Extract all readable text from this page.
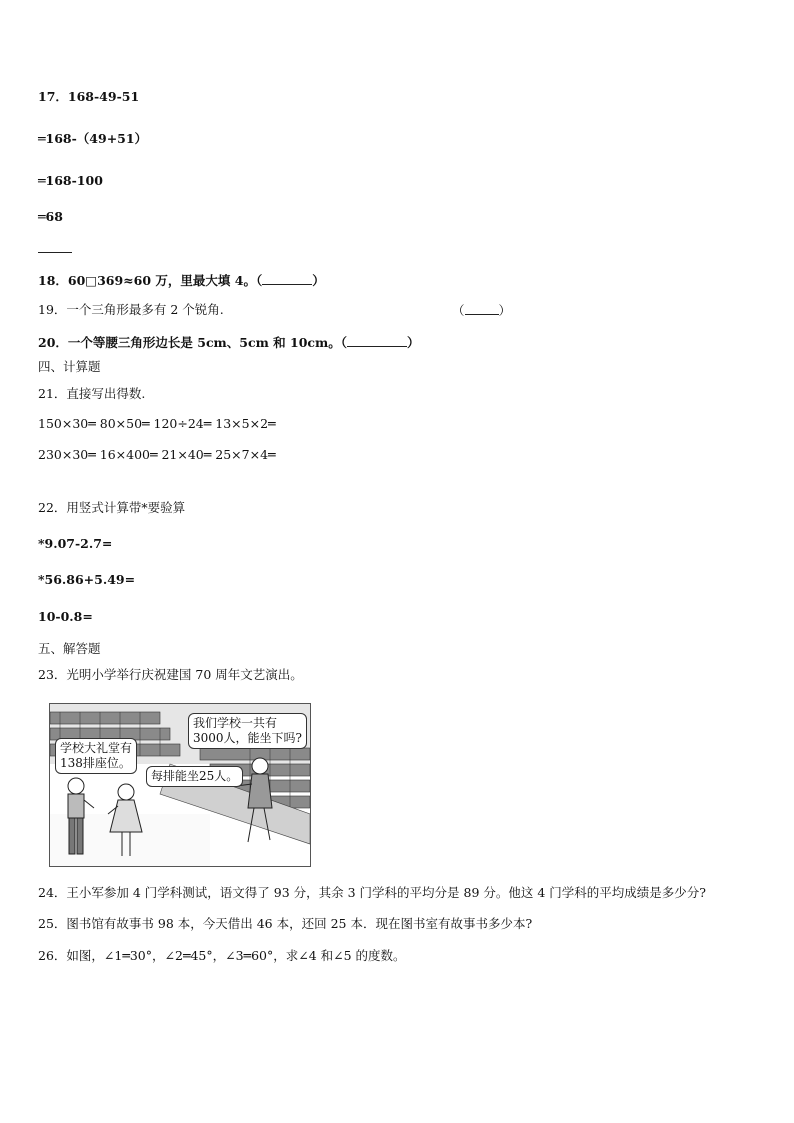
17．168-49-51
═168-（49+51）
═168-100
═68
18．60□369≈60 万，里最大填 4。（	）
19．一个三角形最多有 2 个锐角.	（	）
20．一个等腰三角形边长是 5cm、5cm 和 10cm。（	）
四、计算题
21．直接写出得数.
150×30═ 80×50═ 120÷24═ 13×5×2═
230×30═ 16×400═ 21×40═ 25×7×4═
22．用竖式计算带*要验算
*9.07-2.7=
*56.86+5.49=
10-0.8=
五、解答题
23．光明小学举行庆祝建国 70 周年文艺演出。
学校大礼堂有
138排座位。
每排能坐25人。
我们学校一共有
3000人，能坐下吗?
24．王小军参加 4 门学科测试，语文得了 93 分，其余 3 门学科的平均分是 89 分。他这 4 门学科的平均成绩是多少分?
25．图书馆有故事书 98 本，今天借出 46 本，还回 25 本．现在图书室有故事书多少本?
26．如图，∠1═30°，∠2═45°，∠3═60°，求∠4 和∠5 的度数。
